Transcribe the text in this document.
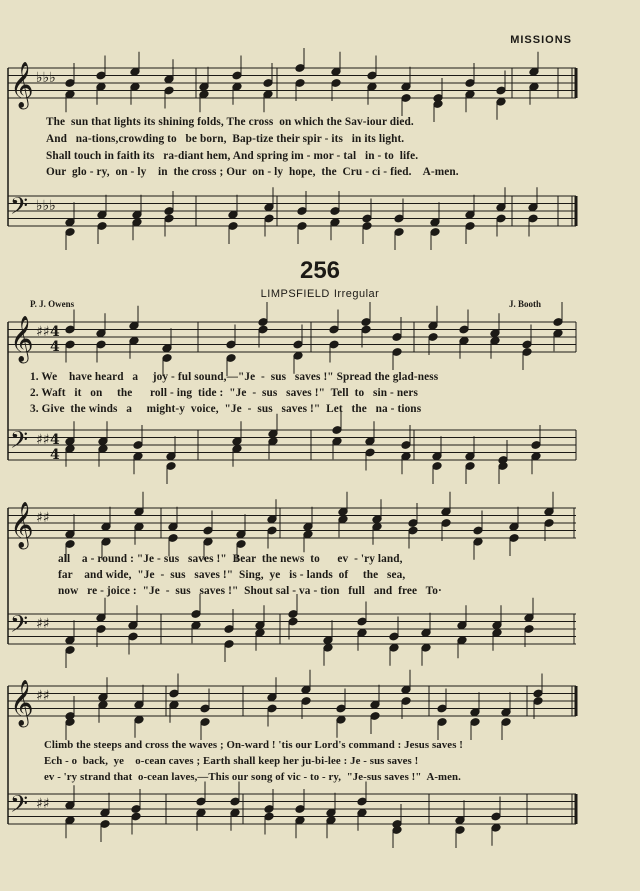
MISSIONS
256
LIMPSFIELD Irregular
P. J. Owens	J. Booth
The  sun that lights its shining folds, The cross  on which the Sav-iour died.
And   na-tions,crowding to   be born,  Bap-tize their spir - its   in its light.
Shall touch in faith its   ra-diant hem, And spring im - mor - tal   in - to  life.
Our  glo - ry,  on - ly    in  the cross ; Our  on - ly  hope,  the  Cru - ci - fied.    A-men.
1. We    have heard   a     joy - ful sound,—"Je  -  sus   saves !" Spread the glad-ness
2. Waft   it   on     the      roll - ing  tide :  "Je  -  sus   saves !"  Tell  to   sin - ners
3. Give  the winds   a     might-y  voice,  "Je  -  sus   saves !"  Let   the   na - tions
all    a - round : "Je - sus   saves !"  Bear  the news  to      ev  - 'ry land,
far    and wide,  "Je  -  sus   saves !"  Sing,  ye   is - lands  of     the   sea,
now   re - joice :  "Je  -  sus   saves !"  Shout sal - va - tion   full   and  free   To·
Climb the steeps and cross the waves ; On-ward ! 'tis our Lord's command : Jesus saves !
Ech - o  back,  ye    o-cean caves ; Earth shall keep her ju-bi-lee : Je - sus saves !
ev - 'ry strand that  o-cean laves,—This our song of vic - to - ry,  "Je-sus saves !"  A-men.
𝄞 ♭♭♭
𝄢 ♭♭♭
𝄞 ♯♯ 4
4
𝄢 ♯♯ 4
4
𝄞 ♯♯
𝄢 ♯♯
𝄞 ♯♯
𝄢 ♯♯
